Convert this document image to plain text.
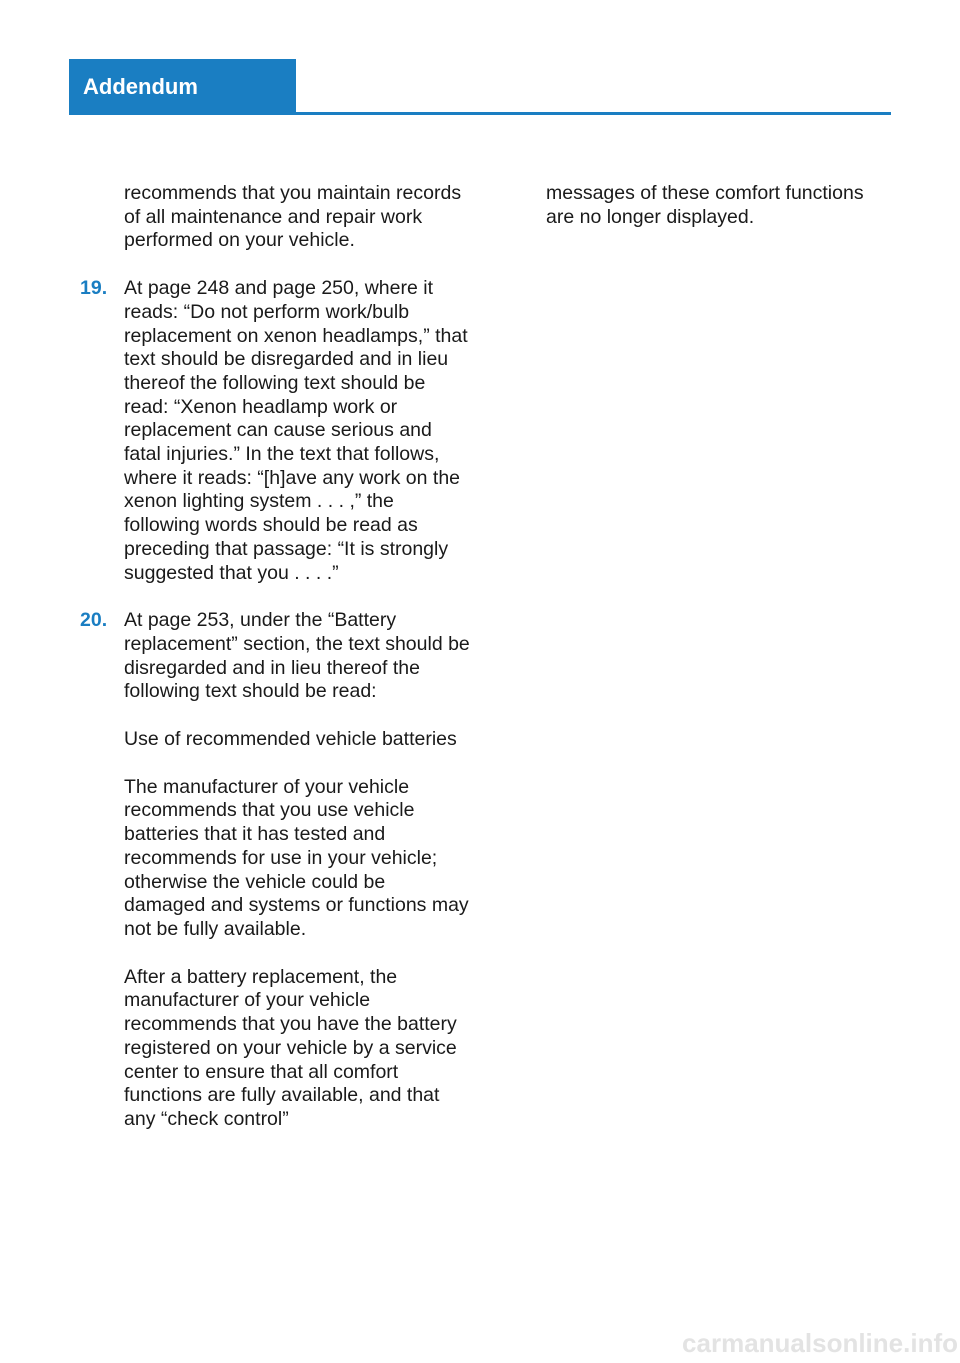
Addendum

recommends that you maintain records of all maintenance and repair work performed on your vehicle.

19. At page 248 and page 250, where it reads: “Do not perform work/bulb replacement on xenon headlamps,” that text should be disregarded and in lieu thereof the following text should be read: “Xenon headlamp work or replacement can cause serious and fatal injuries.” In the text that follows, where it reads: “[h]ave any work on the xenon lighting system . . . ,” the following words should be read as preceding that passage: “It is strongly suggested that you . . . .”
20. At page 253, under the “Battery replacement” section, the text should be disregarded and in lieu thereof the following text should be read:

Use of recommended vehicle batteries

The manufacturer of your vehicle recommends that you use vehicle batteries that it has tested and recommends for use in your vehicle; otherwise the vehicle could be damaged and systems or functions may not be fully available.

After a battery replacement, the manufacturer of your vehicle recommends that you have the battery registered on your vehicle by a service center to ensure that all comfort functions are fully available, and that any “check control”

messages of these comfort functions are no longer displayed.

carmanualsonline.info
